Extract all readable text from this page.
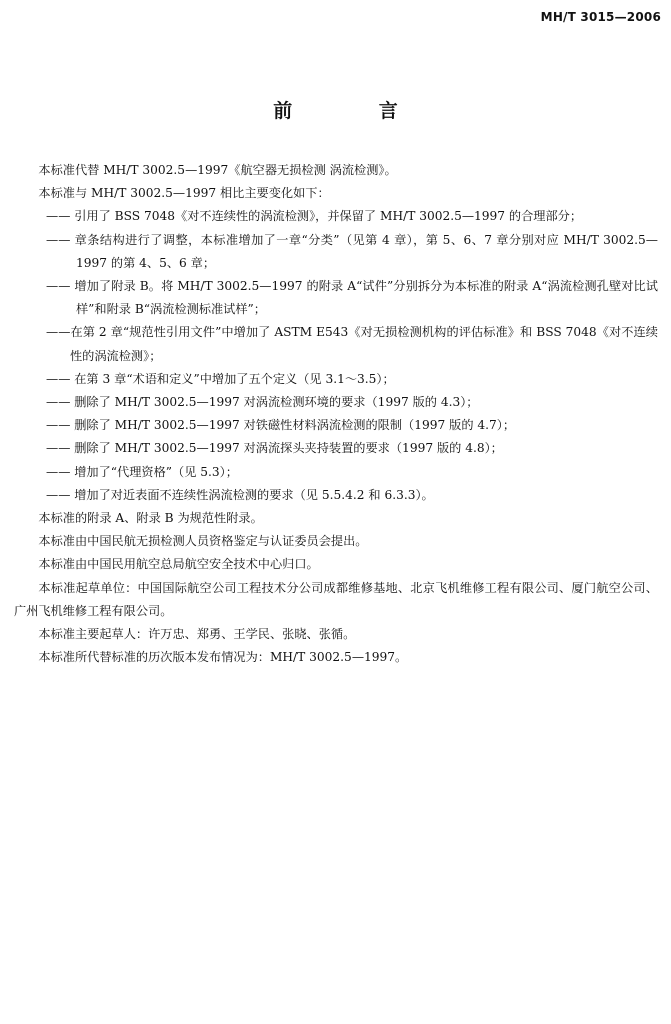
MH/T 3015—2006
前 言

本标准代替 MH/T 3002.5—1997《航空器无损检测 涡流检测》。

本标准与 MH/T 3002.5—1997 相比主要变化如下：

—— 引用了 BSS 7048《对不连续性的涡流检测》，并保留了 MH/T 3002.5—1997 的合理部分；

—— 章条结构进行了调整，本标准增加了一章“分类”（见第 4 章），第 5、6、7 章分别对应 MH/T 3002.5—1997 的第 4、5、6 章；

—— 增加了附录 B。将 MH/T 3002.5—1997 的附录 A“试件”分别拆分为本标准的附录 A“涡流检测孔壁对比试样”和附录 B“涡流检测标准试样”；

——在第 2 章“规范性引用文件”中增加了 ASTM E543《对无损检测机构的评估标准》和 BSS 7048《对不连续性的涡流检测》；

—— 在第 3 章“术语和定义”中增加了五个定义（见 3.1～3.5）；

—— 删除了 MH/T 3002.5—1997 对涡流检测环境的要求（1997 版的 4.3）；

—— 删除了 MH/T 3002.5—1997 对铁磁性材料涡流检测的限制（1997 版的 4.7）；

—— 删除了 MH/T 3002.5—1997 对涡流探头夹持装置的要求（1997 版的 4.8）；

—— 增加了“代理资格”（见 5.3）；

—— 增加了对近表面不连续性涡流检测的要求（见 5.5.4.2 和 6.3.3）。

本标准的附录 A、附录 B 为规范性附录。

本标准由中国民航无损检测人员资格鉴定与认证委员会提出。

本标准由中国民用航空总局航空安全技术中心归口。

本标准起草单位：中国国际航空公司工程技术分公司成都维修基地、北京飞机维修工程有限公司、厦门航空公司、广州飞机维修工程有限公司。

本标准主要起草人：许万忠、郑勇、王学民、张晓、张循。

本标准所代替标准的历次版本发布情况为：MH/T 3002.5—1997。
